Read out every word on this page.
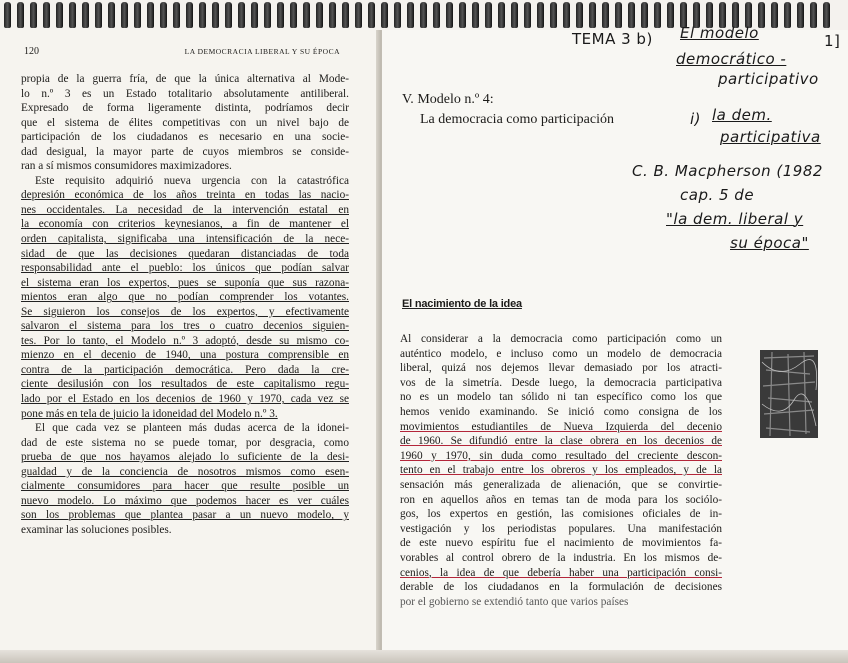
120	LA DEMOCRACIA LIBERAL Y SU ÉPOCA
propia de la guerra fría, de que la única alternativa al Mode-
lo n.º 3 es un Estado totalitario absolutamente antiliberal.
Expresado de forma ligeramente distinta, podríamos decir
que el sistema de élites competitivas con un nivel bajo de
participación de los ciudadanos es necesario en una socie-
dad desigual, la mayor parte de cuyos miembros se conside-
ran a sí mismos consumidores maximizadores.
Este requisito adquirió nueva urgencia con la catastrófica
depresión económica de los años treinta en todas las nacio-
nes occidentales. La necesidad de la intervención estatal en
la economía con criterios keynesianos, a fin de mantener el
orden capitalista, significaba una intensificación de la nece-
sidad de que las decisiones quedaran distanciadas de toda
responsabilidad ante el pueblo: los únicos que podían salvar
el sistema eran los expertos, pues se suponía que sus razona-
mientos eran algo que no podían comprender los votantes.
Se siguieron los consejos de los expertos, y efectivamente
salvaron el sistema para los tres o cuatro decenios siguien-
tes. Por lo tanto, el Modelo n.º 3 adoptó, desde su mismo co-
mienzo en el decenio de 1940, una postura comprensible en
contra de la participación democrática. Pero dada la cre-
ciente desilusión con los resultados de este capitalismo regu-
lado por el Estado en los decenios de 1960 y 1970, cada vez se
pone más en tela de juicio la idoneidad del Modelo n.º 3.
El que cada vez se planteen más dudas acerca de la idonei-
dad de este sistema no se puede tomar, por desgracia, como
prueba de que nos hayamos alejado lo suficiente de la desi-
gualdad y de la conciencia de nosotros mismos como esen-
cialmente consumidores para hacer que resulte posible un
nuevo modelo. Lo máximo que podemos hacer es ver cuáles
son los problemas que plantea pasar a un nuevo modelo, y
examinar las soluciones posibles.
V. Modelo n.º 4:
La democracia como participación
El nacimiento de la idea
Al considerar a la democracia como participación como un
auténtico modelo, e incluso como un modelo de democracia
liberal, quizá nos dejemos llevar demasiado por los atracti-
vos de la simetría. Desde luego, la democracia participativa
no es un modelo tan sólido ni tan específico como los que
hemos venido examinando. Se inició como consigna de los
movimientos estudiantiles de Nueva Izquierda del decenio
de 1960. Se difundió entre la clase obrera en los decenios de
1960 y 1970, sin duda como resultado del creciente descon-
tento en el trabajo entre los obreros y los empleados, y de la
sensación más generalizada de alienación, que se convirtie-
ron en aquellos años en temas tan de moda para los sociólo-
gos, los expertos en gestión, las comisiones oficiales de in-
vestigación y los periodistas populares. Una manifestación
de este nuevo espíritu fue el nacimiento de movimientos fa-
vorables al control obrero de la industria. En los mismos de-
cenios, la idea de que debería haber una participación consi-
derable de los ciudadanos en la formulación de decisiones
por el gobierno se extendió tanto que varios países
TEMA 3 b) El modelo
democrático -
participativo
1]
i) la dem.
participativa
C. B. Macpherson (1982
cap. 5 de
"la dem. liberal y
su época"
